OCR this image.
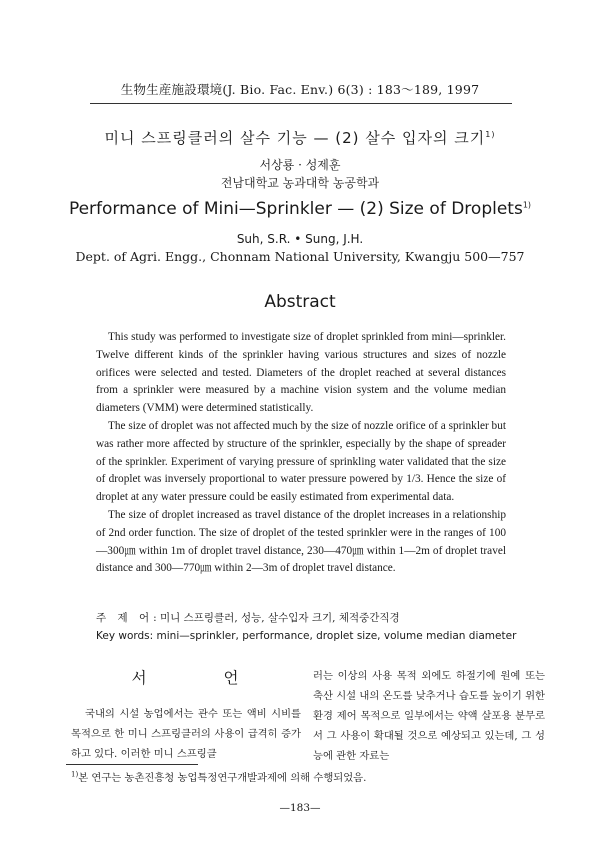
生物生産施設環境(J. Bio. Fac. Env.) 6(3) : 183～189, 1997
미니 스프링클러의 살수 기능 — (2) 살수 입자의 크기$^{1)}$
서상룡 · 성제훈
전남대학교 농과대학 농공학과
Performance of Mini—Sprinkler — (2) Size of Droplets$^{1)}$
Suh, S.R. • Sung, J.H.
Dept. of Agri. Engg., Chonnam National University, Kwangju 500—757
Abstract

This study was performed to investigate size of droplet sprinkled from mini—sprinkler. Twelve different kinds of the sprinkler having various structures and sizes of nozzle orifices were selected and tested. Diameters of the droplet reached at several distances from a sprinkler were measured by a machine vision system and the volume median diameters (VMM) were determined statistically.

The size of droplet was not affected much by the size of nozzle orifice of a sprinkler but was rather more affected by structure of the sprinkler, especially by the shape of spreader of the sprinkler. Experiment of varying pressure of sprinkling water validated that the size of droplet was inversely proportional to water pressure powered by 1/3. Hence the size of droplet at any water pressure could be easily estimated from experimental data.

The size of droplet increased as travel distance of the droplet increases in a relationship of 2nd order function. The size of droplet of the tested sprinkler were in the ranges of 100—300㎛ within 1m of droplet travel distance, 230—470㎛ within 1—2m of droplet travel distance and 300—770㎛ within 2—3m of droplet travel distance.

주 제 어: 미니 스프링클러, 성능, 살수입자 크기, 체적중간직경
Key words: mini—sprinkler, performance, droplet size, volume median diameter
서 언

국내의 시설 농업에서는 관수 또는 액비 시비를 목적으로 한 미니 스프링클러의 사용이 급격히 증가하고 있다. 이러한 미니 스프링클

러는 이상의 사용 목적 외에도 하절기에 원예 또는 축산 시설 내의 온도를 낮추거나 습도를 높이기 위한 환경 제어 목적으로 일부에서는 약액 살포용 분무로서 그 사용이 확대될 것으로 예상되고 있는데, 그 성능에 관한 자료는

$^{1)}$본 연구는 농촌진흥청 농업특정연구개발과제에 의해 수행되었음.
—183—
